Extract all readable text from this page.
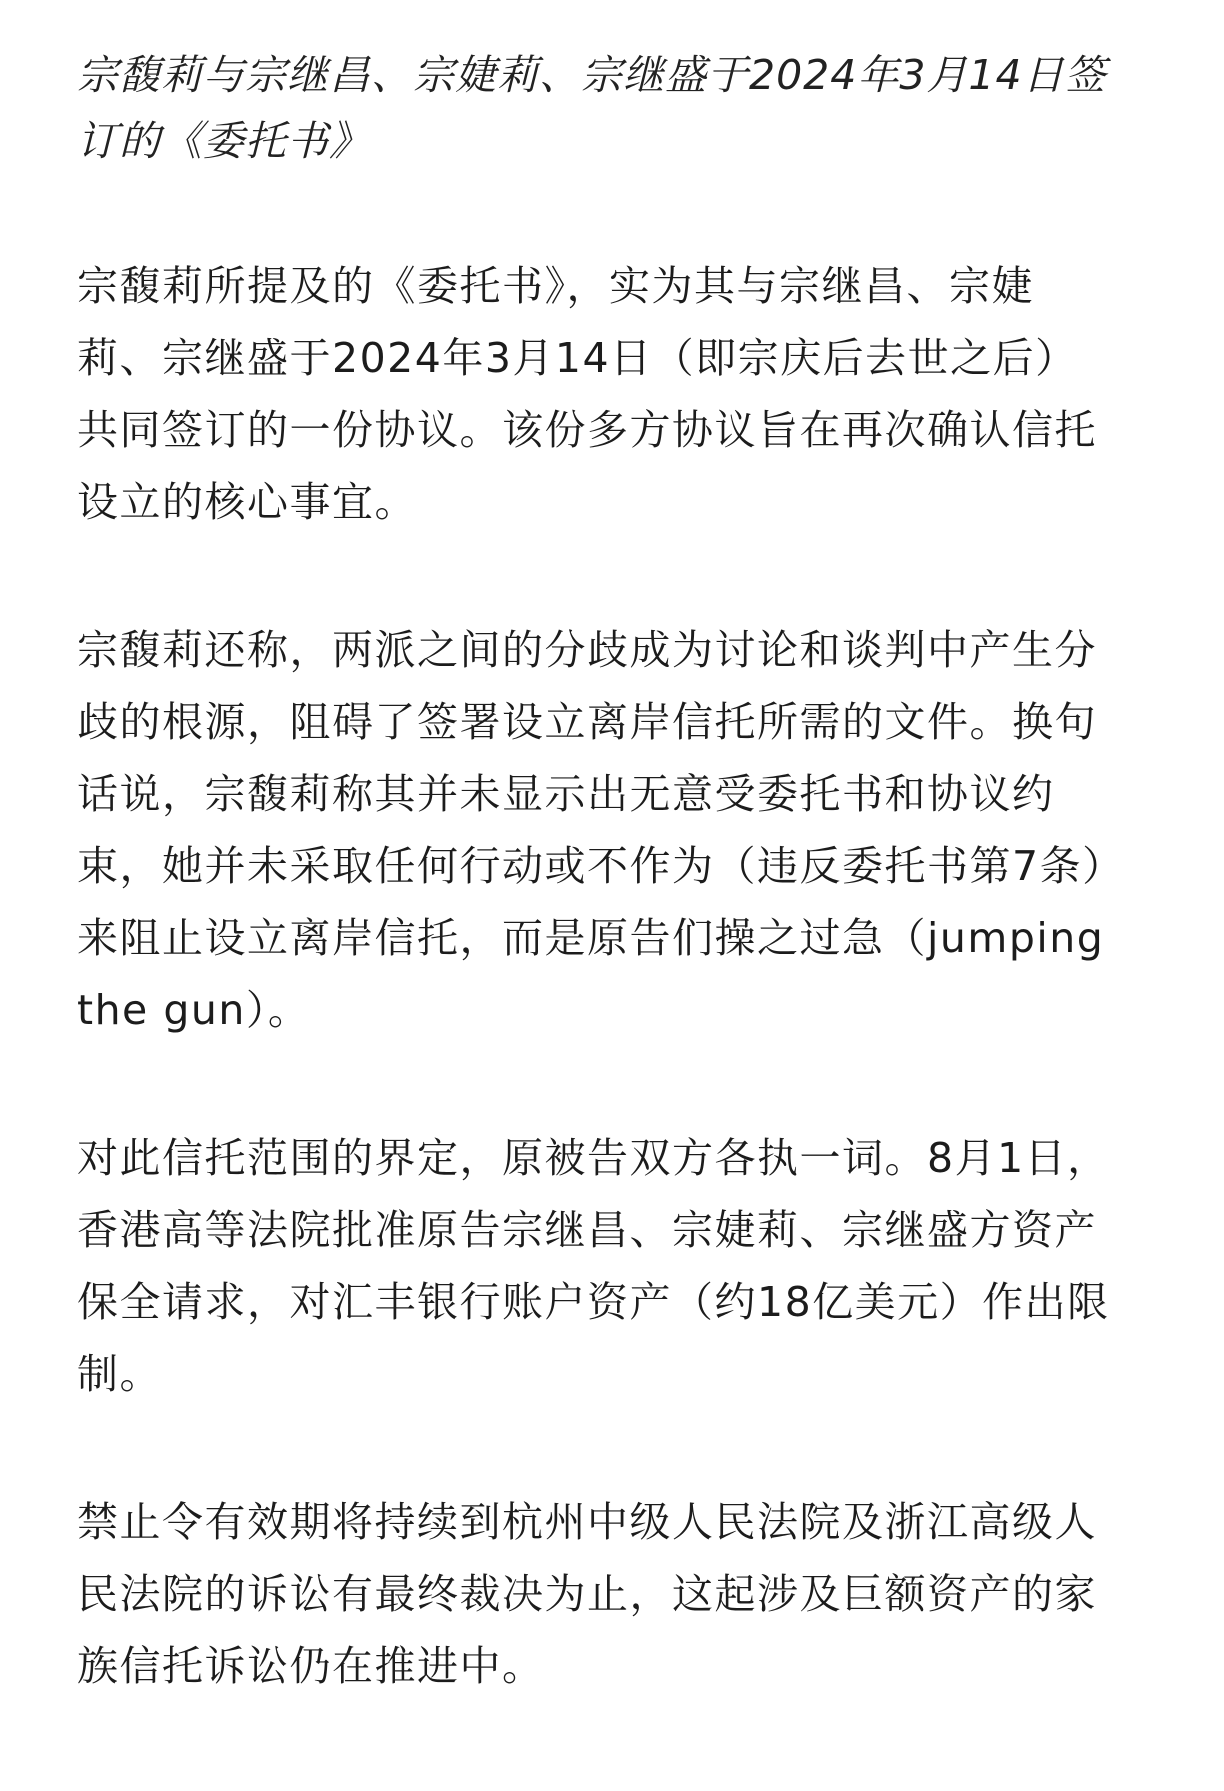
宗馥莉与宗继昌、宗婕莉、宗继盛于2024年3月14日签订的《委托书》

宗馥莉所提及的《委托书》，实为其与宗继昌、宗婕莉、宗继盛于2024年3月14日（即宗庆后去世之后）共同签订的一份协议。该份多方协议旨在再次确认信托设立的核心事宜。

宗馥莉还称，两派之间的分歧成为讨论和谈判中产生分歧的根源，阻碍了签署设立离岸信托所需的文件。换句话说，宗馥莉称其并未显示出无意受委托书和协议约束，她并未采取任何行动或不作为（违反委托书第7条）来阻止设立离岸信托，而是原告们操之过急（jumping the gun）。

对此信托范围的界定，原被告双方各执一词。8月1日，香港高等法院批准原告宗继昌、宗婕莉、宗继盛方资产保全请求，对汇丰银行账户资产（约18亿美元）作出限制。

禁止令有效期将持续到杭州中级人民法院及浙江高级人民法院的诉讼有最终裁决为止，这起涉及巨额资产的家族信托诉讼仍在推进中。
